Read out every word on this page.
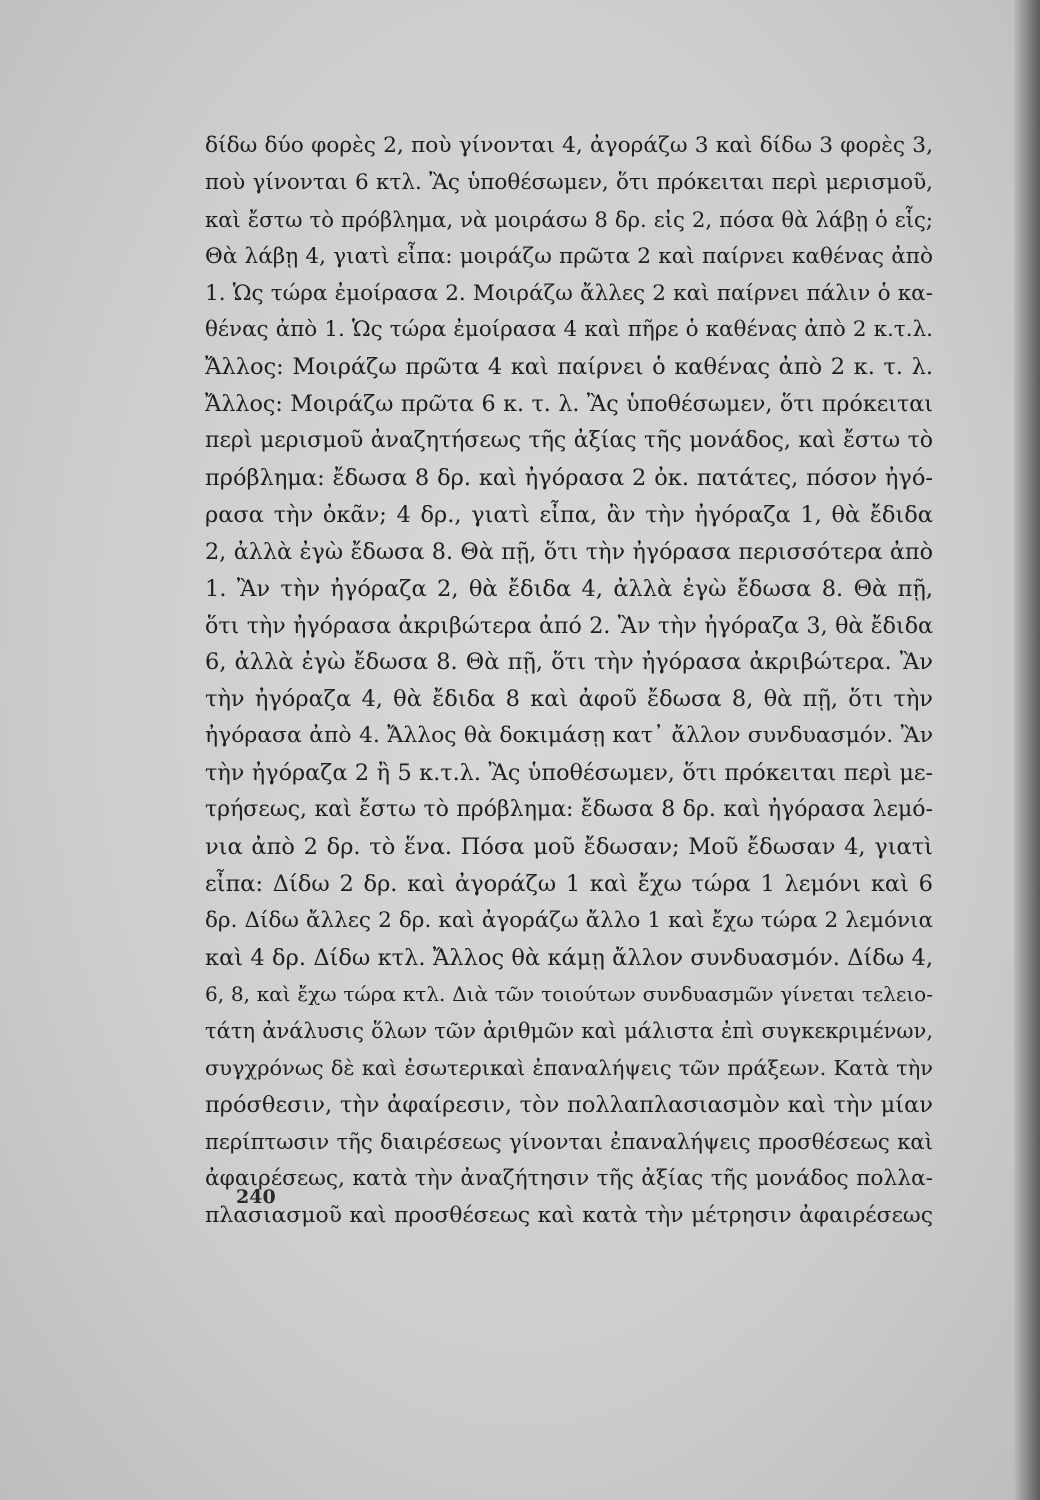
δίδω δύο φορὲς 2, ποὺ γίνονται 4, ἀγοράζω 3 καὶ δίδω 3 φορὲς 3,
ποὺ γίνονται 6 κτλ. Ἂς ὑποθέσωμεν, ὅτι πρόκειται περὶ μερισμοῦ,
καὶ ἔστω τὸ πρόβλημα, νὰ μοιράσω 8 δρ. εἰς 2, πόσα θὰ λάβῃ ὁ εἷς;
Θὰ λάβῃ 4, γιατὶ εἶπα: μοιράζω πρῶτα 2 καὶ παίρνει καθένας ἀπὸ
1. Ὡς τώρα ἐμοίρασα 2. Μοιράζω ἄλλες 2 καὶ παίρνει πάλιν ὁ κα-
θένας ἀπὸ 1. Ὡς τώρα ἐμοίρασα 4 καὶ πῆρε ὁ καθένας ἀπὸ 2 κ.τ.λ.
Ἄλλος: Μοιράζω πρῶτα 4 καὶ παίρνει ὁ καθένας ἀπὸ 2 κ. τ. λ.
Ἄλλος: Μοιράζω πρῶτα 6 κ. τ. λ. Ἂς ὑποθέσωμεν, ὅτι πρόκειται
περὶ μερισμοῦ ἀναζητήσεως τῆς ἀξίας τῆς μονάδος, καὶ ἔστω τὸ
πρόβλημα: ἔδωσα 8 δρ. καὶ ἠγόρασα 2 ὀκ. πατάτες, πόσον ἠγό-
ρασα τὴν ὀκᾶν; 4 δρ., γιατὶ εἶπα, ἂν τὴν ἠγόραζα 1, θὰ ἔδιδα
2, ἀλλὰ ἐγὼ ἔδωσα 8. Θὰ πῇ, ὅτι τὴν ἠγόρασα περισσότερα ἀπὸ
1. Ἂν τὴν ἠγόραζα 2, θὰ ἔδιδα 4, ἀλλὰ ἐγὼ ἔδωσα 8. Θὰ πῇ,
ὅτι τὴν ἠγόρασα ἀκριβώτερα ἀπό 2. Ἂν τὴν ἠγόραζα 3, θὰ ἔδιδα
6, ἀλλὰ ἐγὼ ἔδωσα 8. Θὰ πῇ, ὅτι τὴν ἠγόρασα ἀκριβώτερα. Ἂν
τὴν ἠγόραζα 4, θὰ ἔδιδα 8 καὶ ἀφοῦ ἔδωσα 8, θὰ πῇ, ὅτι τὴν
ἠγόρασα ἀπὸ 4. Ἄλλος θὰ δοκιμάσῃ κατ᾽ ἄλλον συνδυασμόν. Ἂν
τὴν ἠγόραζα 2 ἢ 5 κ.τ.λ. Ἂς ὑποθέσωμεν, ὅτι πρόκειται περὶ με-
τρήσεως, καὶ ἔστω τὸ πρόβλημα: ἔδωσα 8 δρ. καὶ ἠγόρασα λεμό-
νια ἀπὸ 2 δρ. τὸ ἕνα. Πόσα μοῦ ἔδωσαν; Μοῦ ἔδωσαν 4, γιατὶ
εἶπα: Δίδω 2 δρ. καὶ ἀγοράζω 1 καὶ ἔχω τώρα 1 λεμόνι καὶ 6
δρ. Δίδω ἄλλες 2 δρ. καὶ ἀγοράζω ἄλλο 1 καὶ ἔχω τώρα 2 λεμόνια
καὶ 4 δρ. Δίδω κτλ. Ἄλλος θὰ κάμῃ ἄλλον συνδυασμόν. Δίδω 4,
6, 8, καὶ ἔχω τώρα κτλ. Διὰ τῶν τοιούτων συνδυασμῶν γίνεται τελειο-
τάτη ἀνάλυσις ὅλων τῶν ἀριθμῶν καὶ μάλιστα ἐπὶ συγκεκριμένων,
συγχρόνως δὲ καὶ ἐσωτερικαὶ ἐπαναλήψεις τῶν πράξεων. Κατὰ τὴν
πρόσθεσιν, τὴν ἀφαίρεσιν, τὸν πολλαπλασιασμὸν καὶ τὴν μίαν
περίπτωσιν τῆς διαιρέσεως γίνονται ἐπαναλήψεις προσθέσεως καὶ
ἀφαιρέσεως, κατὰ τὴν ἀναζήτησιν τῆς ἀξίας τῆς μονάδος πολλα-
πλασιασμοῦ καὶ προσθέσεως καὶ κατὰ τὴν μέτρησιν ἀφαιρέσεως
240
